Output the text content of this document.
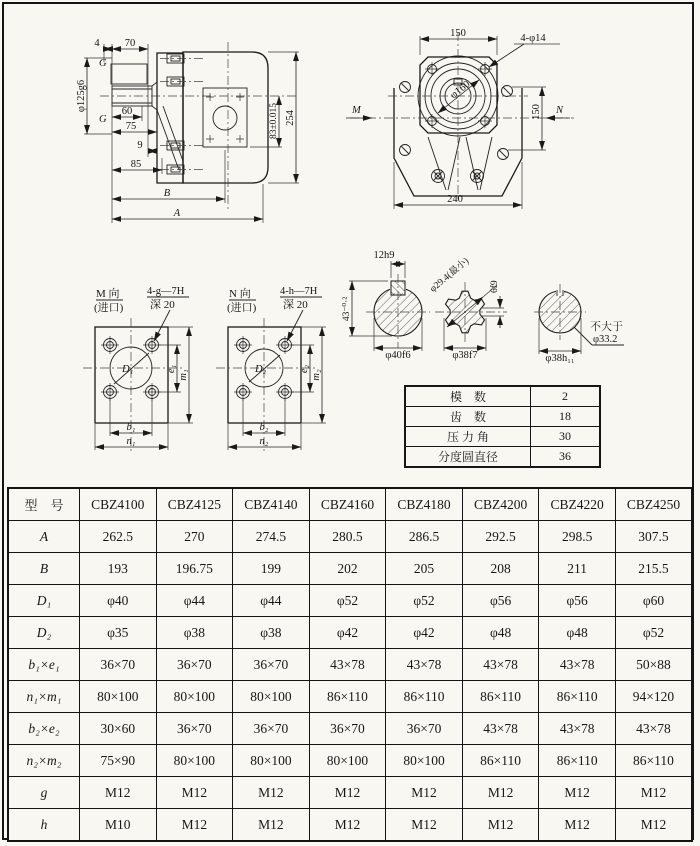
4 70
G
φ125g6
G
60
75
9
85
B
A
254
83±0.015
150	4-φ14
φ160
150
M	N
240
D₁
M 向
(进口)
4-g—7H
深 20
e₁
m₁
b₁
n₁
D₂
N 向
(进口)
4-h—7H
深 20
e₂
m₂
b₂
n₂
12h9
43⁻⁰·²
φ40f6
φ29.4(最小) 6f9
φ38f7
不大于
φ33.2
φ38h₁₁
模　数	2
齿　数	18
压 力 角	30
分度圆直径	36
型　号	CBZ4100	CBZ4125	CBZ4140	CBZ4160	CBZ4180	CBZ4200	CBZ4220	CBZ4250
A	262.5	270	274.5	280.5	286.5	292.5	298.5	307.5
B	193	196.75	199	202	205	208	211	215.5
D₁	φ40	φ44	φ44	φ52	φ52	φ56	φ56	φ60
D₂	φ35	φ38	φ38	φ42	φ42	φ48	φ48	φ52
b₁×e₁	36×70	36×70	36×70	43×78	43×78	43×78	43×78	50×88
n₁×m₁	80×100	80×100	80×100	86×110	86×110	86×110	86×110	94×120
b₂×e₂	30×60	36×70	36×70	36×70	36×70	43×78	43×78	43×78
n₂×m₂	75×90	80×100	80×100	80×100	80×100	86×110	86×110	86×110
g	M12	M12	M12	M12	M12	M12	M12	M12
h	M10	M12	M12	M12	M12	M12	M12	M12
